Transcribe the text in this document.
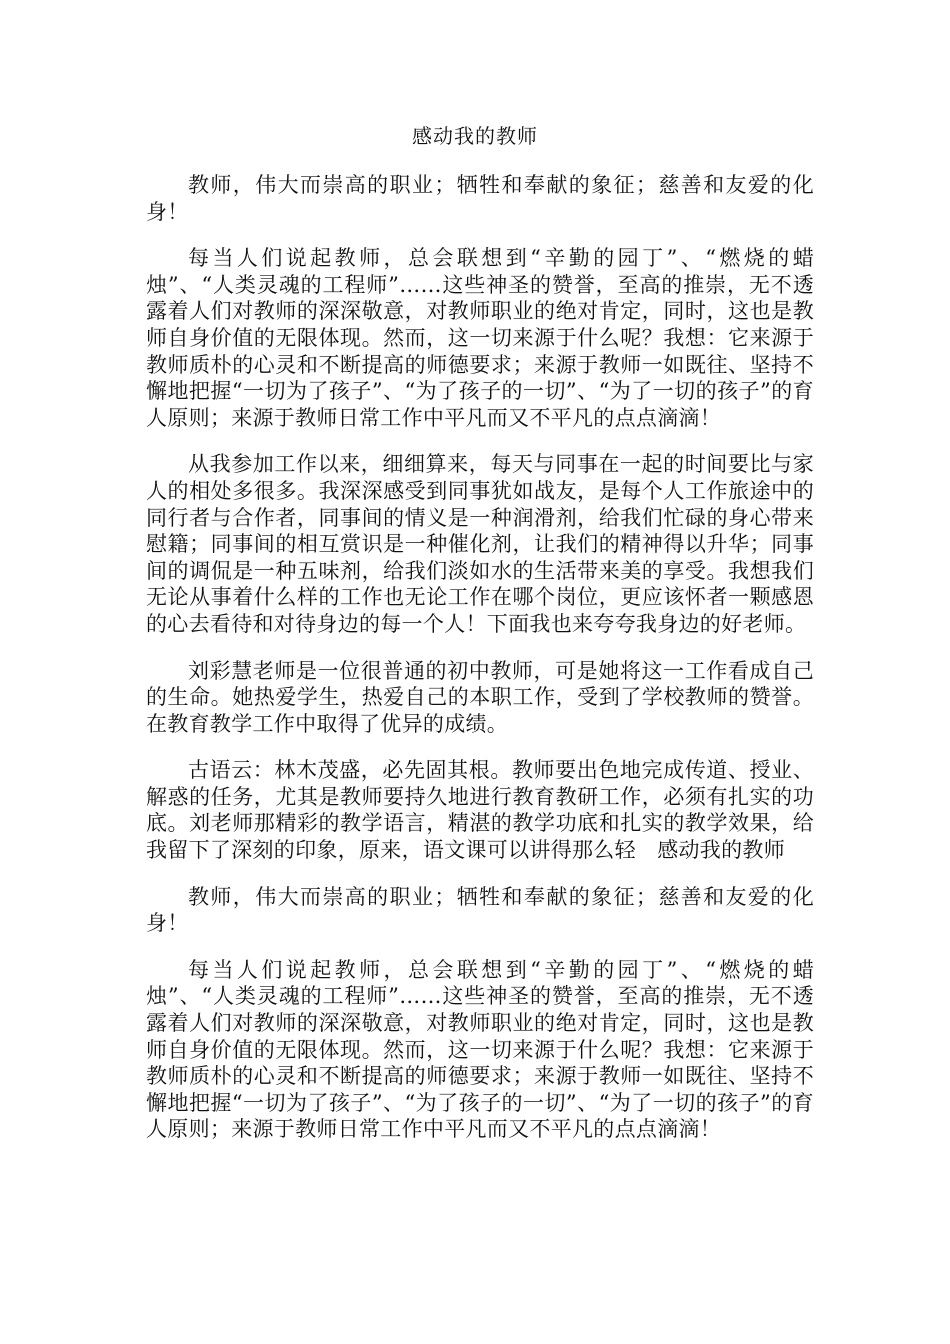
感动我的教师

教师，伟大而崇高的职业；牺牲和奉献的象征；慈善和友爱的化身！

每当人们说起教师，总会联想到“辛勤的园丁”、“燃烧的蜡烛”、“人类灵魂的工程师”……这些神圣的赞誉，至高的推崇，无不透露着人们对教师的深深敬意，对教师职业的绝对肯定，同时，这也是教师自身价值的无限体现。然而，这一切来源于什么呢？我想：它来源于教师质朴的心灵和不断提高的师德要求；来源于教师一如既往、坚持不懈地把握“一切为了孩子”、“为了孩子的一切”、“为了一切的孩子”的育人原则；来源于教师日常工作中平凡而又不平凡的点点滴滴！

从我参加工作以来，细细算来，每天与同事在一起的时间要比与家人的相处多很多。我深深感受到同事犹如战友，是每个人工作旅途中的同行者与合作者，同事间的情义是一种润滑剂，给我们忙碌的身心带来慰籍；同事间的相互赏识是一种催化剂，让我们的精神得以升华；同事间的调侃是一种五味剂，给我们淡如水的生活带来美的享受。我想我们无论从事着什么样的工作也无论工作在哪个岗位，更应该怀者一颗感恩的心去看待和对待身边的每一个人！下面我也来夸夸我身边的好老师。

刘彩慧老师是一位很普通的初中教师，可是她将这一工作看成自己的生命。她热爱学生，热爱自己的本职工作，受到了学校教师的赞誉。在教育教学工作中取得了优异的成绩。

古语云：林木茂盛，必先固其根。教师要出色地完成传道、授业、解惑的任务，尤其是教师要持久地进行教育教研工作，必须有扎实的功底。刘老师那精彩的教学语言，精湛的教学功底和扎实的教学效果，给我留下了深刻的印象，原来，语文课可以讲得那么轻　感动我的教师

教师，伟大而崇高的职业；牺牲和奉献的象征；慈善和友爱的化身！

每当人们说起教师，总会联想到“辛勤的园丁”、“燃烧的蜡烛”、“人类灵魂的工程师”……这些神圣的赞誉，至高的推崇，无不透露着人们对教师的深深敬意，对教师职业的绝对肯定，同时，这也是教师自身价值的无限体现。然而，这一切来源于什么呢？我想：它来源于教师质朴的心灵和不断提高的师德要求；来源于教师一如既往、坚持不懈地把握“一切为了孩子”、“为了孩子的一切”、“为了一切的孩子”的育人原则；来源于教师日常工作中平凡而又不平凡的点点滴滴！
